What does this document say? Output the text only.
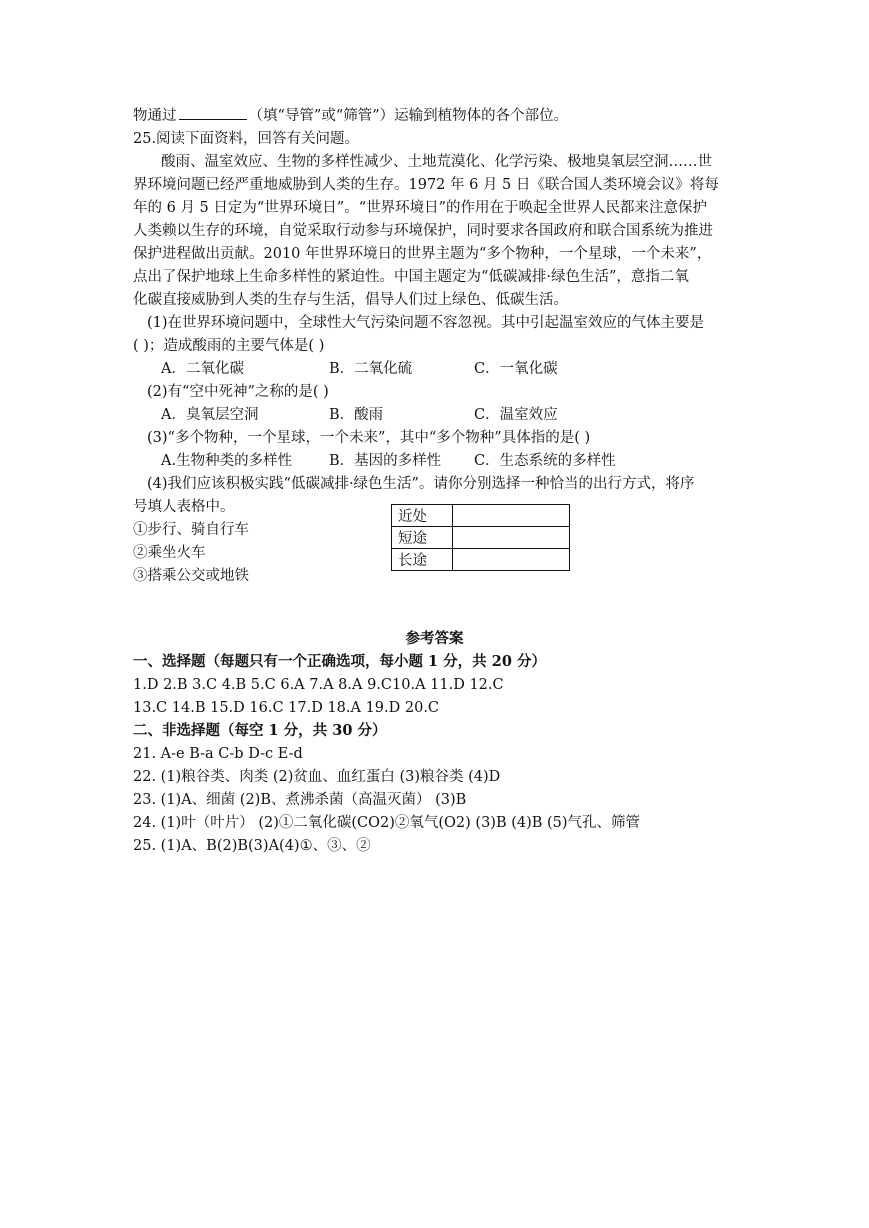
物通过	（填“导管”或“筛管”）运输到植物体的各个部位。
25.阅读下面资料，回答有关问题。
酸雨、温室效应、生物的多样性减少、土地荒漠化、化学污染、极地臭氧层空洞……世
界环境问题已经严重地威胁到人类的生存。1972 年 6 月 5 日《联合国人类环境会议》将每
年的 6 月 5 日定为“世界环境日”。“世界环境日”的作用在于唤起全世界人民都来注意保护
人类赖以生存的环境，自觉采取行动参与环境保护，同时要求各国政府和联合国系统为推进
保护进程做出贡献。2010 年世界环境日的世界主题为“多个物种，一个星球，一个未来”，
点出了保护地球上生命多样性的紧迫性。中国主题定为“低碳减排·绿色生活”，意指二氧
化碳直接威胁到人类的生存与生活，倡导人们过上绿色、低碳生活。
(1)在世界环境问题中，全球性大气污染问题不容忽视。其中引起温室效应的气体主要是
( )；造成酸雨的主要气体是( )
A．二氧化碳	B．二氧化硫	C．一氧化碳
(2)有“空中死神”之称的是( )
A．臭氧层空洞	B．酸雨	C．温室效应
(3)“多个物种，一个星球，一个未来”，其中“多个物种”具体指的是( )
A.生物种类的多样性	B．基因的多样性 C．生态系统的多样性
(4)我们应该积极实践“低碳减排·绿色生活”。请你分别选择一种恰当的出行方式，将序
号填人表格中。
①步行、骑自行车
②乘坐火车
③搭乘公交或地铁
近处	
短途	
长途	
参考答案
一、选择题（每题只有一个正确选项，每小题 1 分，共 20 分）
1.D 2.B 3.C 4.B 5.C 6.A 7.A 8.A 9.C10.A 11.D 12.C
13.C 14.B 15.D 16.C 17.D 18.A 19.D 20.C
二、非选择题（每空 1 分，共 30 分）
21. A-e B-a C-b D-c E-d
22. (1)粮谷类、肉类 (2)贫血、血红蛋白 (3)粮谷类 (4)D
23. (1)A、细菌 (2)B、煮沸杀菌（高温灭菌） (3)B
24. (1)叶（叶片） (2)①二氧化碳(CO2)②氧气(O2) (3)B (4)B (5)气孔、筛管
25. (1)A、B(2)B(3)A(4)①、③、②
